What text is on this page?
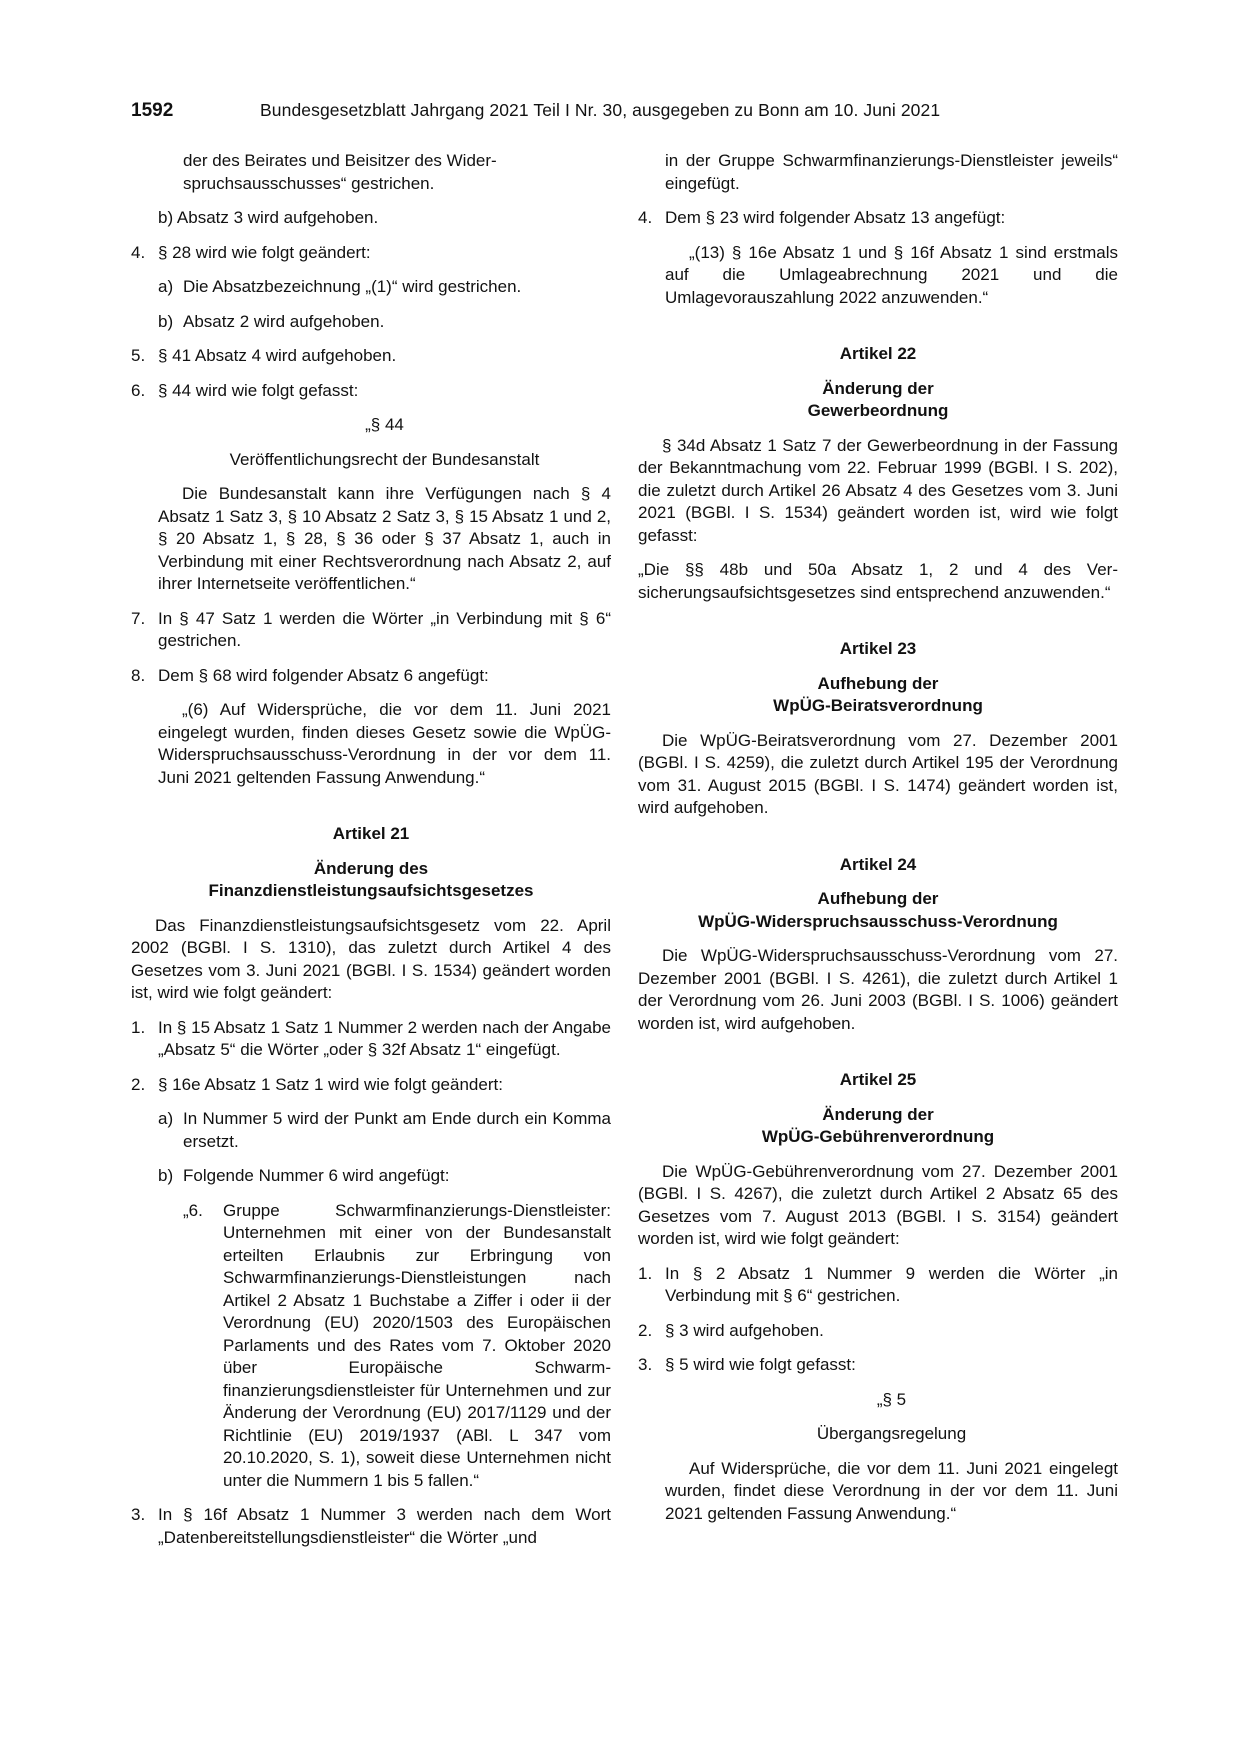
1592	Bundesgesetzblatt Jahrgang 2021 Teil I Nr. 30, ausgegeben zu Bonn am 10. Juni 2021

der des Beirates und Beisitzer des Wider-

spruchsausschusses“ gestrichen.

b) Absatz 3 wird aufgehoben.

4. § 28 wird wie folgt geändert:
a) Die Absatzbezeichnung „(1)“ wird gestrichen.
b) Absatz 2 wird aufgehoben.
5. § 41 Absatz 4 wird aufgehoben.
6. § 44 wird wie folgt gefasst:

„§ 44

Veröffentlichungsrecht der Bundesanstalt

Die Bundesanstalt kann ihre Verfügungen nach § 4 Absatz 1 Satz 3, § 10 Absatz 2 Satz 3, § 15 Absatz 1 und 2, § 20 Absatz 1, § 28, § 36 oder § 37 Absatz 1, auch in Verbindung mit einer Rechtsverordnung nach Absatz 2, auf ihrer Internetseite veröffentlichen.“

7. In § 47 Satz 1 werden die Wörter „in Verbindung mit § 6“ gestrichen.
8. Dem § 68 wird folgender Absatz 6 angefügt:

„(6) Auf Widersprüche, die vor dem 11. Juni 2021 eingelegt wurden, finden dieses Gesetz sowie die WpÜG-Widerspruchsausschuss-Verordnung in der vor dem 11. Juni 2021 geltenden Fassung Anwendung.“

Artikel 21

Änderung des

Finanzdienstleistungsaufsichtsgesetzes

Das Finanzdienstleistungsaufsichtsgesetz vom 22. April 2002 (BGBl. I S. 1310), das zuletzt durch Artikel 4 des Gesetzes vom 3. Juni 2021 (BGBl. I S. 1534) geändert worden ist, wird wie folgt geändert:

1. In § 15 Absatz 1 Satz 1 Nummer 2 werden nach der Angabe „Absatz 5“ die Wörter „oder § 32f Absatz 1“ eingefügt.
2. § 16e Absatz 1 Satz 1 wird wie folgt geändert:
a) In Nummer 5 wird der Punkt am Ende durch ein Komma ersetzt.
b) Folgende Nummer 6 wird angefügt:
„6. Gruppe Schwarmfinanzierungs-Dienstleister: Unternehmen mit einer von der Bundesanstalt erteilten Erlaubnis zur Erbringung von Schwarmfinanzierungs-Dienstleistungen nach Artikel 2 Absatz 1 Buchstabe a Ziffer i oder ii der Verordnung (EU) 2020/1503 des Europäischen Parlaments und des Rates vom 7. Oktober 2020 über Europäische Schwarmfinanzierungsdienstleister für Unternehmen und zur Änderung der Verordnung (EU) 2017/1129 und der Richtlinie (EU) 2019/1937 (ABl. L 347 vom 20.10.2020, S. 1), soweit diese Unternehmen nicht unter die Nummern 1 bis 5 fallen.“
3. In § 16f Absatz 1 Nummer 3 werden nach dem Wort „Datenbereitstellungsdienstleister“ die Wörter „und

in der Gruppe Schwarmfinanzierungs-Dienstleister jeweils“ eingefügt.

4. Dem § 23 wird folgender Absatz 13 angefügt:

„(13) § 16e Absatz 1 und § 16f Absatz 1 sind erstmals auf die Umlageabrechnung 2021 und die Umlagevorauszahlung 2022 anzuwenden.“

Artikel 22

Änderung der

Gewerbeordnung

§ 34d Absatz 1 Satz 7 der Gewerbeordnung in der Fassung der Bekanntmachung vom 22. Februar 1999 (BGBl. I S. 202), die zuletzt durch Artikel 26 Absatz 4 des Gesetzes vom 3. Juni 2021 (BGBl. I S. 1534) geändert worden ist, wird wie folgt gefasst:

„Die §§ 48b und 50a Absatz 1, 2 und 4 des Versicherungsaufsichtsgesetzes sind entsprechend anzuwenden.“

Artikel 23

Aufhebung der

WpÜG-Beiratsverordnung

Die WpÜG-Beiratsverordnung vom 27. Dezember 2001 (BGBl. I S. 4259), die zuletzt durch Artikel 195 der Verordnung vom 31. August 2015 (BGBl. I S. 1474) geändert worden ist, wird aufgehoben.

Artikel 24

Aufhebung der

WpÜG-Widerspruchsausschuss-Verordnung

Die WpÜG-Widerspruchsausschuss-Verordnung vom 27. Dezember 2001 (BGBl. I S. 4261), die zuletzt durch Artikel 1 der Verordnung vom 26. Juni 2003 (BGBl. I S. 1006) geändert worden ist, wird aufgehoben.

Artikel 25

Änderung der

WpÜG-Gebührenverordnung

Die WpÜG-Gebührenverordnung vom 27. Dezember 2001 (BGBl. I S. 4267), die zuletzt durch Artikel 2 Absatz 65 des Gesetzes vom 7. August 2013 (BGBl. I S. 3154) geändert worden ist, wird wie folgt geändert:

1. In § 2 Absatz 1 Nummer 9 werden die Wörter „in Verbindung mit § 6“ gestrichen.
2. § 3 wird aufgehoben.
3. § 5 wird wie folgt gefasst:

„§ 5

Übergangsregelung

Auf Widersprüche, die vor dem 11. Juni 2021 eingelegt wurden, findet diese Verordnung in der vor dem 11. Juni 2021 geltenden Fassung Anwendung.“
